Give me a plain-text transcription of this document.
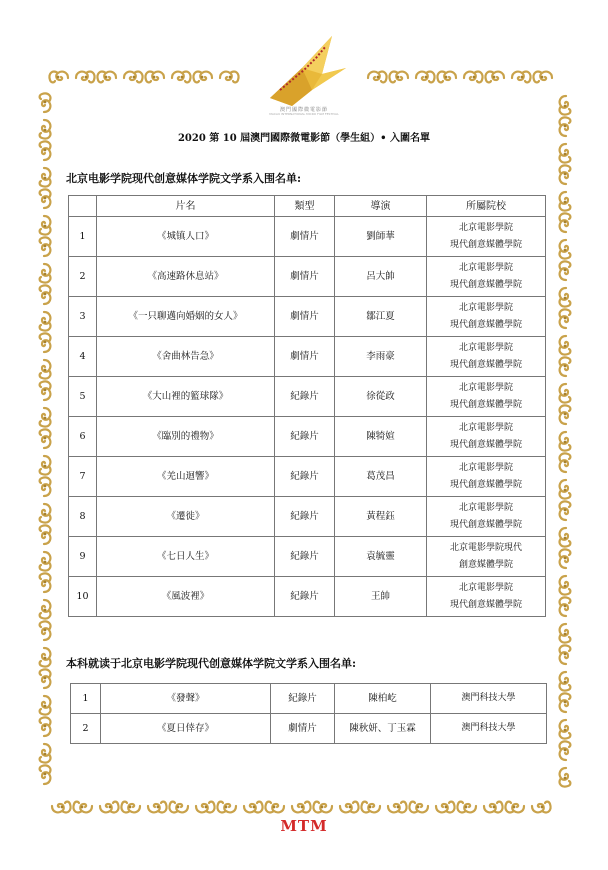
澳門國際微電影節
MACAU INTERNATIONAL MICRO FILM FESTIVAL
2020 第 10 屆澳門國際微電影節（學生組）• 入圍名單
北京电影学院现代创意媒体学院文学系入围名单:
	片名	類型	導演	所屬院校
1	《城镇人口》	劇情片	劉師華	北京電影學院
現代創意媒體學院

2	《高速路休息站》	劇情片	呂大帥	北京電影學院
現代創意媒體學院

3	《一只聊邁向婚姻的女人》	劇情片	鄒江夏	北京電影學院
現代創意媒體學院

4	《舍曲林告急》	劇情片	李雨豪	北京電影學院
現代創意媒體學院

5	《大山裡的籃球隊》	紀錄片	徐從政	北京電影學院
現代創意媒體學院

6	《臨別的禮物》	紀錄片	陳犄媗	北京電影學院
現代創意媒體學院

7	《羌山迴響》	紀錄片	葛茂昌	北京電影學院
現代創意媒體學院

8	《遷徙》	紀錄片	黃程鈺	北京電影學院
現代創意媒體學院

9	《七日人生》	紀錄片	袁毓靈	北京電影學院現代
創意媒體學院

10	《風波裡》	紀錄片	王帥	北京電影學院
現代創意媒體學院
本科就读于北京电影学院现代创意媒体学院文学系入围名单:
1	《發聲》	紀錄片	陳柏屹	澳門科技大學
2	《夏日倖存》	劇情片	陳秋妍、丁玉霖	澳門科技大學
MTM
